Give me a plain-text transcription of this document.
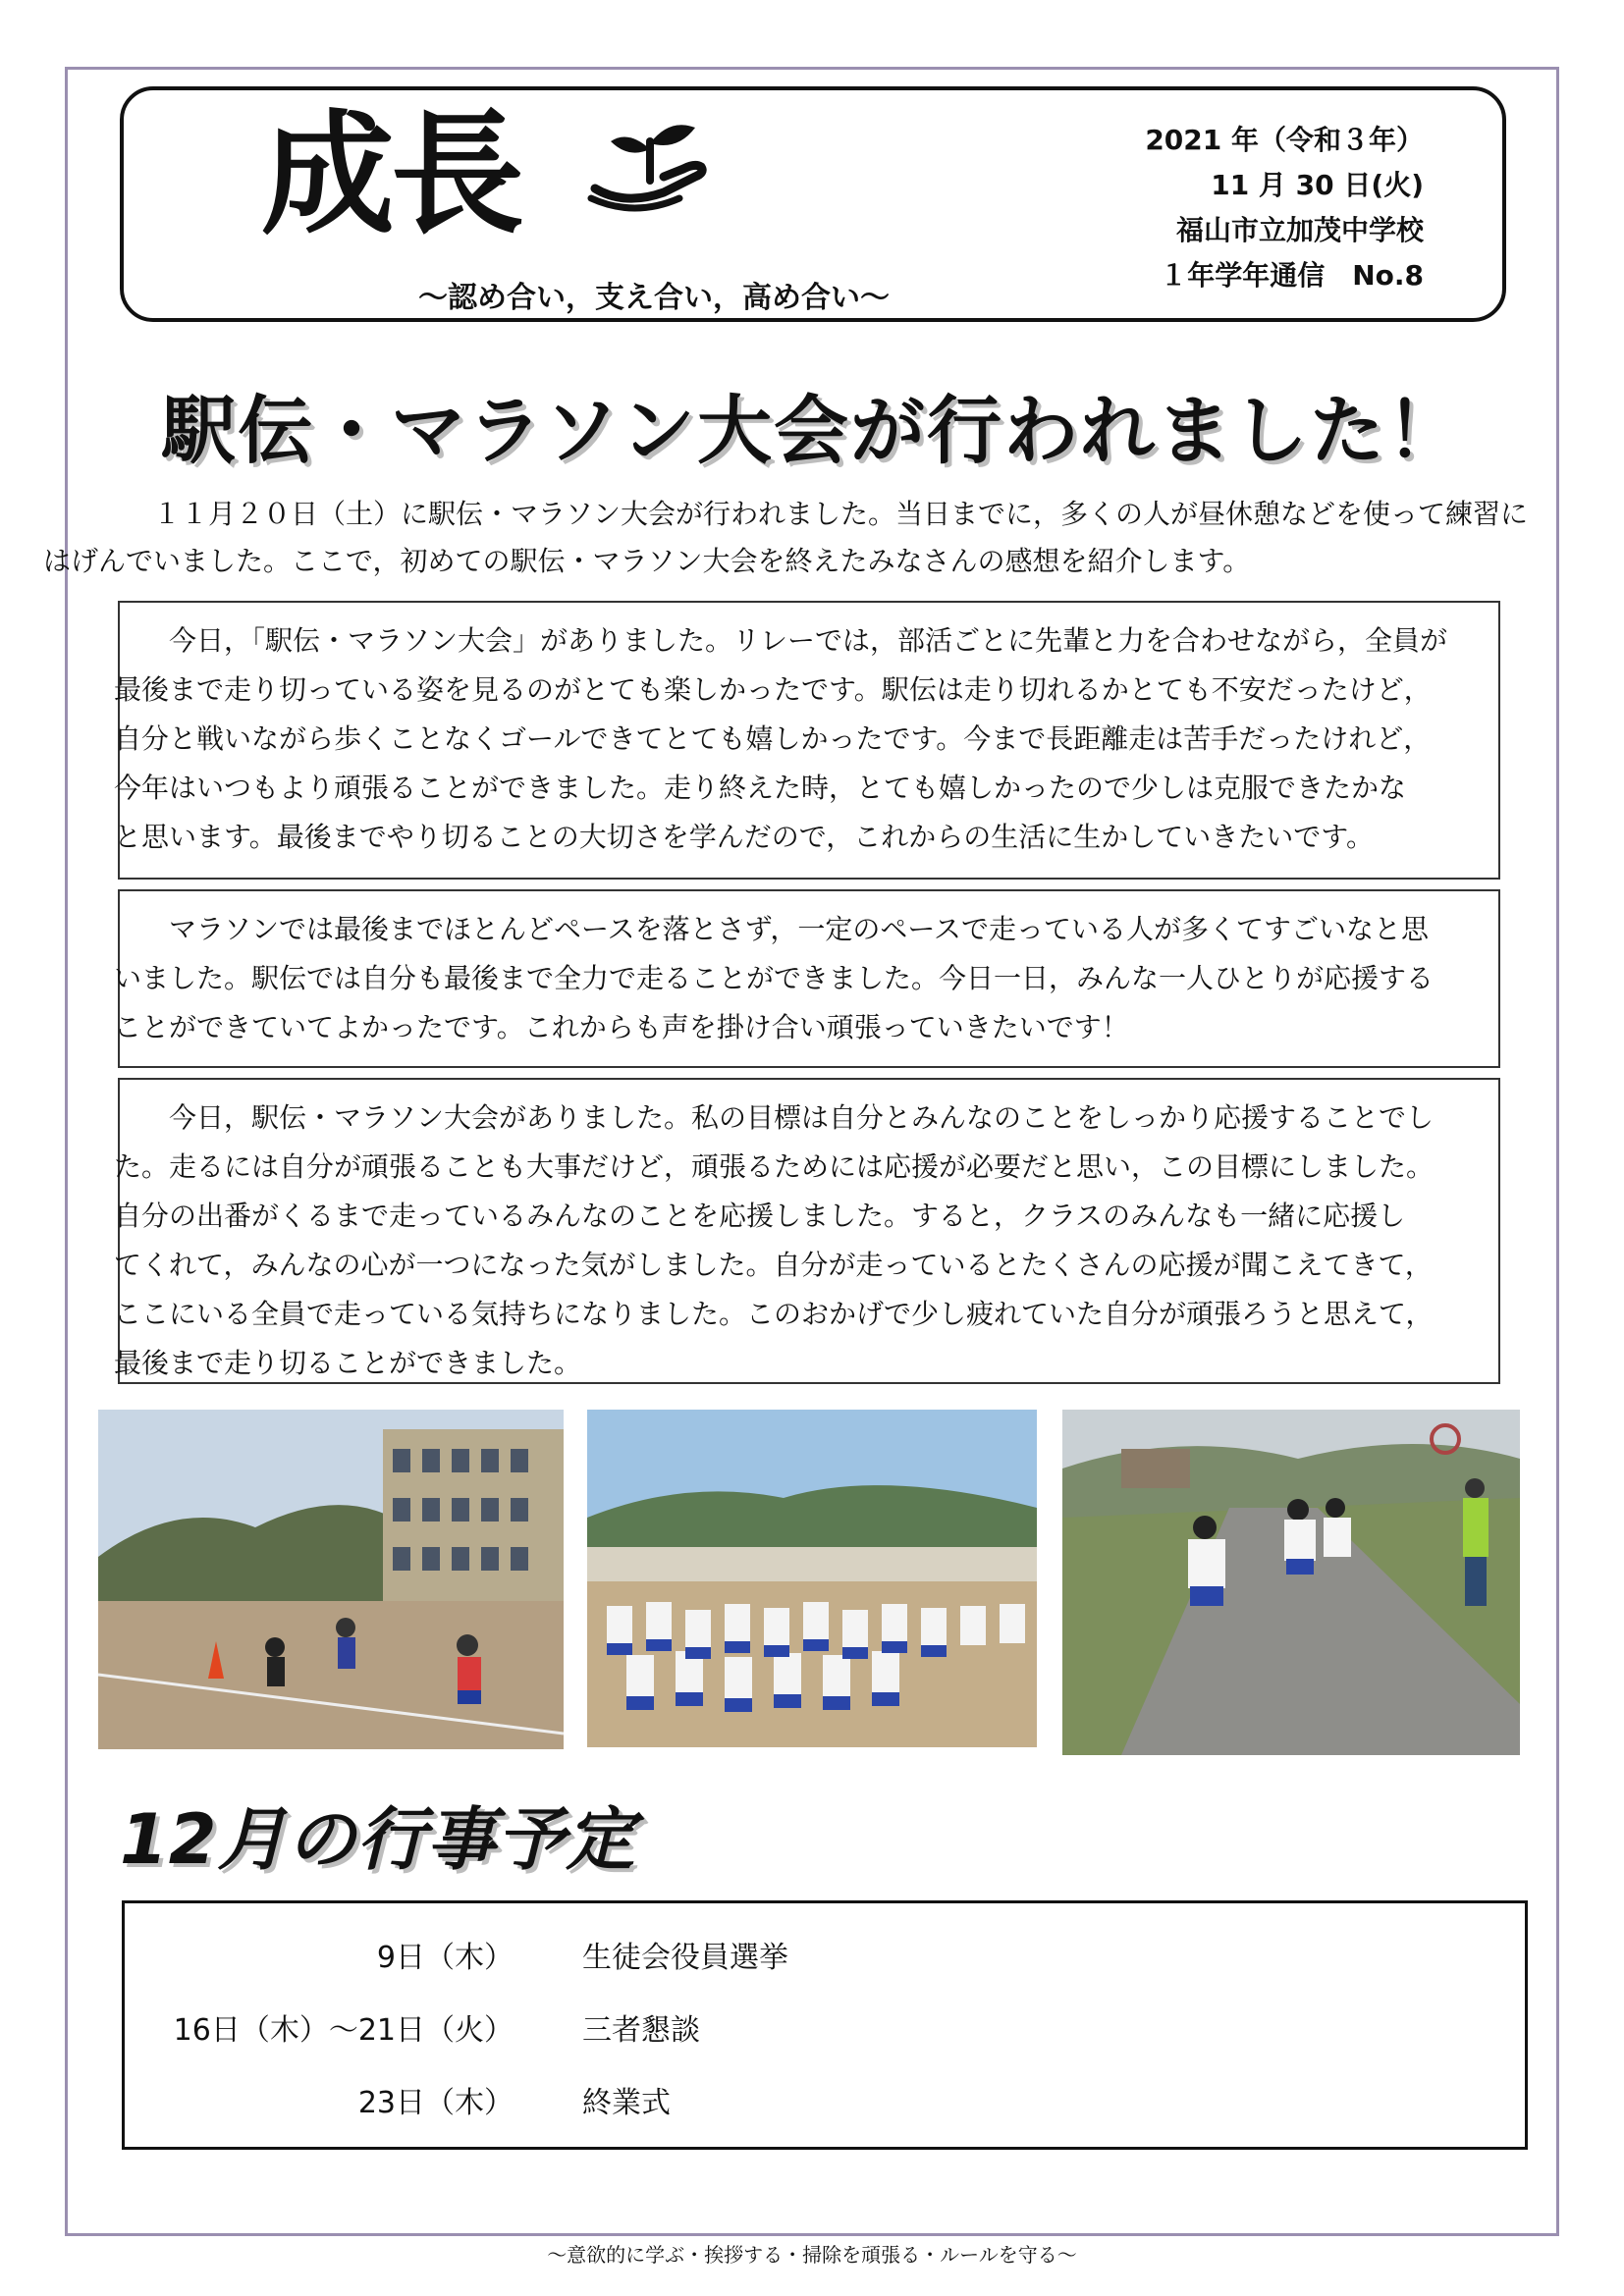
成長
～認め合い，支え合い，高め合い～
2021 年（令和３年）
11 月 30 日(火)
福山市立加茂中学校
１年学年通信　No.8
駅伝・マラソン大会が行われました！

１１月２０日（土）に駅伝・マラソン大会が行われました。当日までに，多くの人が昼休憩などを使って練習に
はげんでいました。ここで，初めての駅伝・マラソン大会を終えたみなさんの感想を紹介します。

今日，「駅伝・マラソン大会」がありました。リレーでは，部活ごとに先輩と力を合わせながら，全員が
最後まで走り切っている姿を見るのがとても楽しかったです。駅伝は走り切れるかとても不安だったけど，
自分と戦いながら歩くことなくゴールできてとても嬉しかったです。今まで長距離走は苦手だったけれど，
今年はいつもより頑張ることができました。走り終えた時，とても嬉しかったので少しは克服できたかな
と思います。最後までやり切ることの大切さを学んだので，これからの生活に生かしていきたいです。

マラソンでは最後までほとんどペースを落とさず，一定のペースで走っている人が多くてすごいなと思
いました。駅伝では自分も最後まで全力で走ることができました。今日一日，みんな一人ひとりが応援する
ことができていてよかったです。これからも声を掛け合い頑張っていきたいです！

今日，駅伝・マラソン大会がありました。私の目標は自分とみんなのことをしっかり応援することでし
た。走るには自分が頑張ることも大事だけど，頑張るためには応援が必要だと思い，この目標にしました。
自分の出番がくるまで走っているみんなのことを応援しました。すると，クラスのみんなも一緒に応援し
てくれて，みんなの心が一つになった気がしました。自分が走っているとたくさんの応援が聞こえてきて，
ここにいる全員で走っている気持ちになりました。このおかげで少し疲れていた自分が頑張ろうと思えて，
最後まで走り切ることができました。

12月の行事予定
9日（木） 生徒会役員選挙
16日（木）～21日（火） 三者懇談
23日（木） 終業式
～意欲的に学ぶ・挨拶する・掃除を頑張る・ルールを守る～
